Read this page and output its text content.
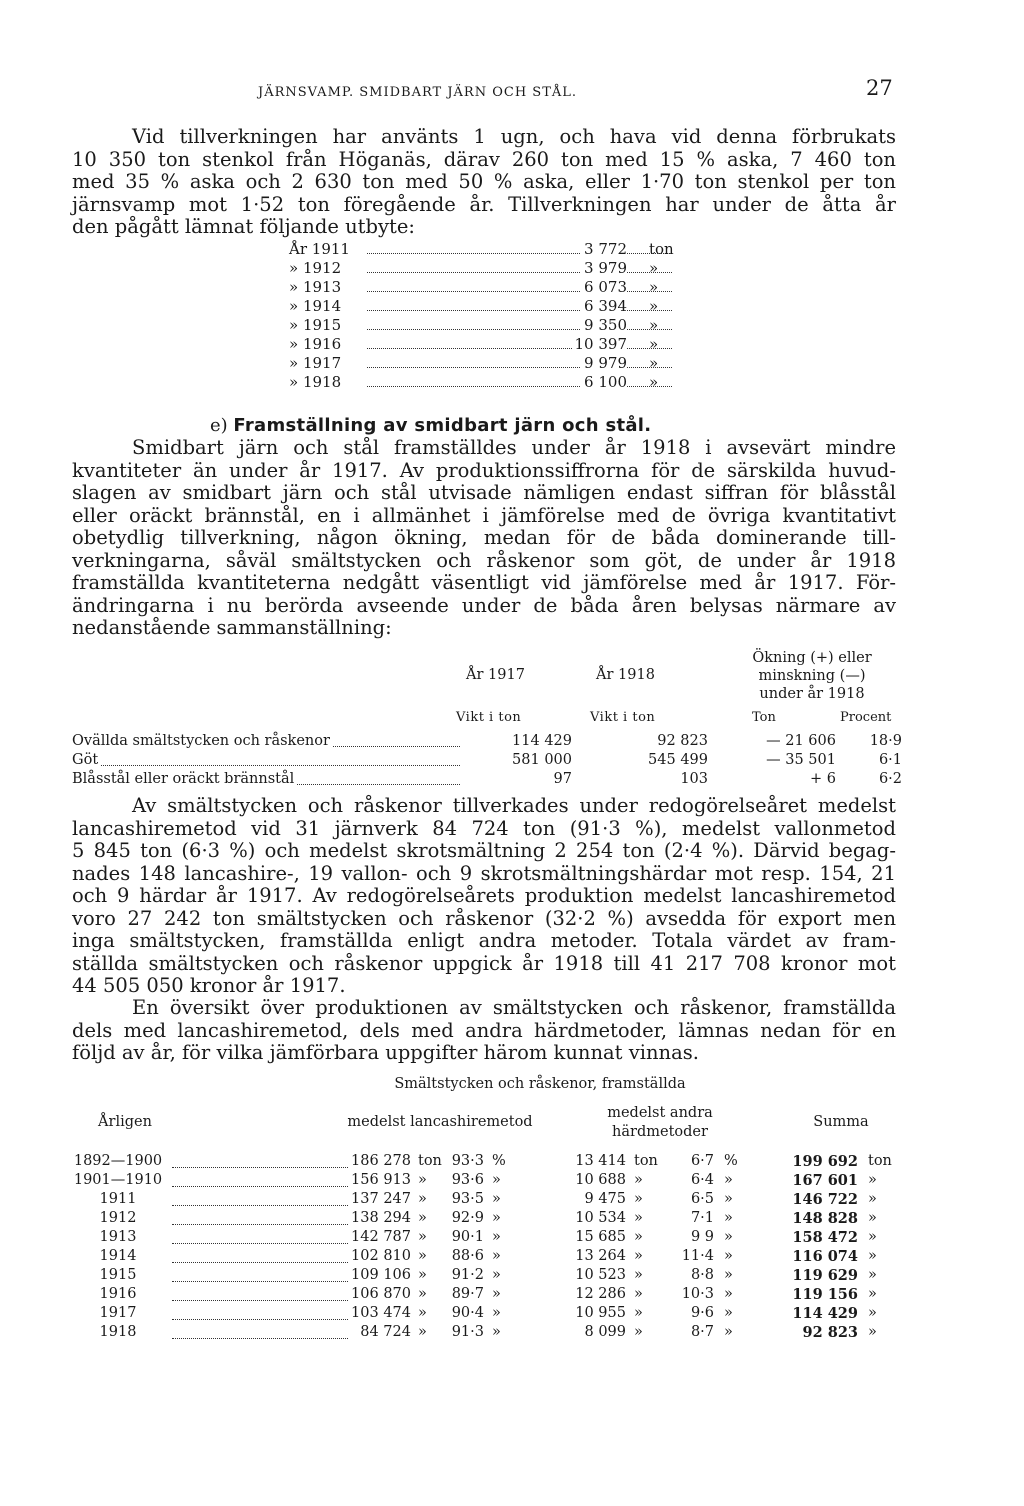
JÄRNSVAMP. SMIDBART JÄRN OCH STÅL.	27
Vid tillverkningen har använts 1 ugn, och hava vid denna förbrukats
10 350 ton stenkol från Höganäs, därav 260 ton med 15 % aska, 7 460 ton
med 35 % aska och 2 630 ton med 50 % aska, eller 1·70 ton stenkol per ton
järnsvamp mot 1·52 ton föregående år. Tillverkningen har under de åtta år
den pågått lämnat följande utbyte:
År 1911	3 772 ton
» 1912	3 979 »
» 1913	6 073 »
» 1914	6 394 »
» 1915	9 350 »
» 1916	10 397 »
» 1917	9 979 »
» 1918	6 100 »
e) Framställning av smidbart järn och stål.
Smidbart järn och stål framställdes under år 1918 i avsevärt mindre
kvantiteter än under år 1917. Av produktionssiffrorna för de särskilda huvud-
slagen av smidbart järn och stål utvisade nämligen endast siffran för blåsstål
eller oräckt brännstål, en i allmänhet i jämförelse med de övriga kvantitativt
obetydlig tillverkning, någon ökning, medan för de båda dominerande till-
verkningarna, såväl smältstycken och råskenor som göt, de under år 1918
framställda kvantiteterna nedgått väsentligt vid jämförelse med år 1917. För-
ändringarna i nu berörda avseende under de båda åren belysas närmare av
nedanstående sammanställning:
År 1917	År 1918
Ökning (+) eller
minskning (—)
under år 1918
Vikt i ton	Vikt i ton	Ton	Procent
Ovällda smältstycken och råskenor	114 429	92 823	— 21 606	18·9
Göt	581 000	545 499	— 35 501	6·1
Blåsstål eller oräckt brännstål	97	103	+ 6	6·2
Av smältstycken och råskenor tillverkades under redogörelseåret medelst
lancashiremetod vid 31 järnverk 84 724 ton (91·3 %), medelst vallonmetod
5 845 ton (6·3 %) och medelst skrotsmältning 2 254 ton (2·4 %). Därvid begag-
nades 148 lancashire-, 19 vallon- och 9 skrotsmältningshärdar mot resp. 154, 21
och 9 härdar år 1917. Av redogörelseårets produktion medelst lancashiremetod
voro 27 242 ton smältstycken och råskenor (32·2 %) avsedda för export men
inga smältstycken, framställda enligt andra metoder. Totala värdet av fram-
ställda smältstycken och råskenor uppgick år 1918 till 41 217 708 kronor mot
44 505 050 kronor år 1917.
En översikt över produktionen av smältstycken och råskenor, framställda
dels med lancashiremetod, dels med andra härdmetoder, lämnas nedan för en
följd av år, för vilka jämförbara uppgifter härom kunnat vinnas.
Smältstycken och råskenor, framställda
Årligen	medelst lancashiremetod
medelst andra
härdmetoder
Summa
1892—1900	186 278 ton 93·3 %	13 414 ton	6·7 %	199 692 ton
1901—1910	156 913 »	93·6 »	10 688 »	6·4 »	167 601 »
1911	137 247 »	93·5 »	9 475 »	6·5 »	146 722 »
1912	138 294 »	92·9 »	10 534 »	7·1 »	148 828 »
1913	142 787 »	90·1 »	15 685 »	9 9 »	158 472 »
1914	102 810 »	88·6 »	13 264 »	11·4 »	116 074 »
1915	109 106 »	91·2 »	10 523 »	8·8 »	119 629 »
1916	106 870 »	89·7 »	12 286 »	10·3 »	119 156 »
1917	103 474 »	90·4 »	10 955 »	9·6 »	114 429 »
1918	84 724 »	91·3 »	8 099 »	8·7 »	92 823 »
